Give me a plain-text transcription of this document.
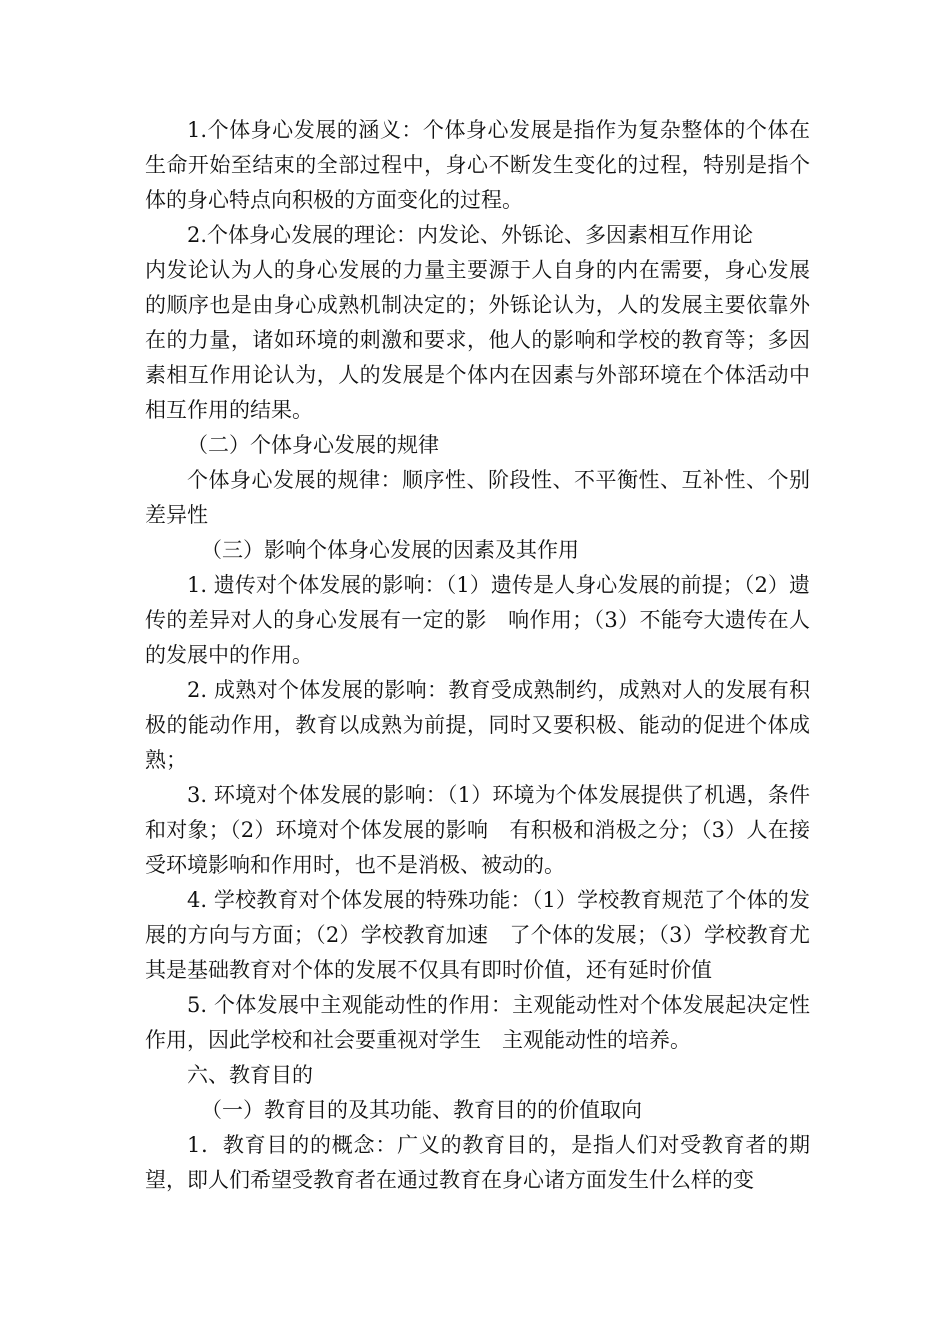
1.个体身心发展的涵义：个体身心发展是指作为复杂整体的个体在生命开始至结束的全部过程中，身心不断发生变化的过程，特别是指个体的身心特点向积极的方面变化的过程。

2.个体身心发展的理论：内发论、外铄论、多因素相互作用论

内发论认为人的身心发展的力量主要源于人自身的内在需要，身心发展的顺序也是由身心成熟机制决定的；外铄论认为，人的发展主要依靠外在的力量，诸如环境的刺激和要求，他人的影响和学校的教育等；多因素相互作用论认为，人的发展是个体内在因素与外部环境在个体活动中相互作用的结果。

（二）个体身心发展的规律

个体身心发展的规律：顺序性、阶段性、不平衡性、互补性、个别差异性

（三）影响个体身心发展的因素及其作用

1. 遗传对个体发展的影响：（1）遗传是人身心发展的前提；（2）遗传的差异对人的身心发展有一定的影　响作用；（3）不能夸大遗传在人的发展中的作用。

2. 成熟对个体发展的影响：教育受成熟制约，成熟对人的发展有积极的能动作用，教育以成熟为前提，同时又要积极、能动的促进个体成熟；

3. 环境对个体发展的影响：（1）环境为个体发展提供了机遇，条件和对象；（2）环境对个体发展的影响　有积极和消极之分；（3）人在接受环境影响和作用时，也不是消极、被动的。

4. 学校教育对个体发展的特殊功能：（1）学校教育规范了个体的发展的方向与方面；（2）学校教育加速　了个体的发展；（3）学校教育尤其是基础教育对个体的发展不仅具有即时价值，还有延时价值

5. 个体发展中主观能动性的作用：主观能动性对个体发展起决定性作用，因此学校和社会要重视对学生　主观能动性的培养。

六、教育目的

（一）教育目的及其功能、教育目的的价值取向

1．教育目的的概念：广义的教育目的，是指人们对受教育者的期望，即人们希望受教育者在通过教育在身心诸方面发生什么样的变
